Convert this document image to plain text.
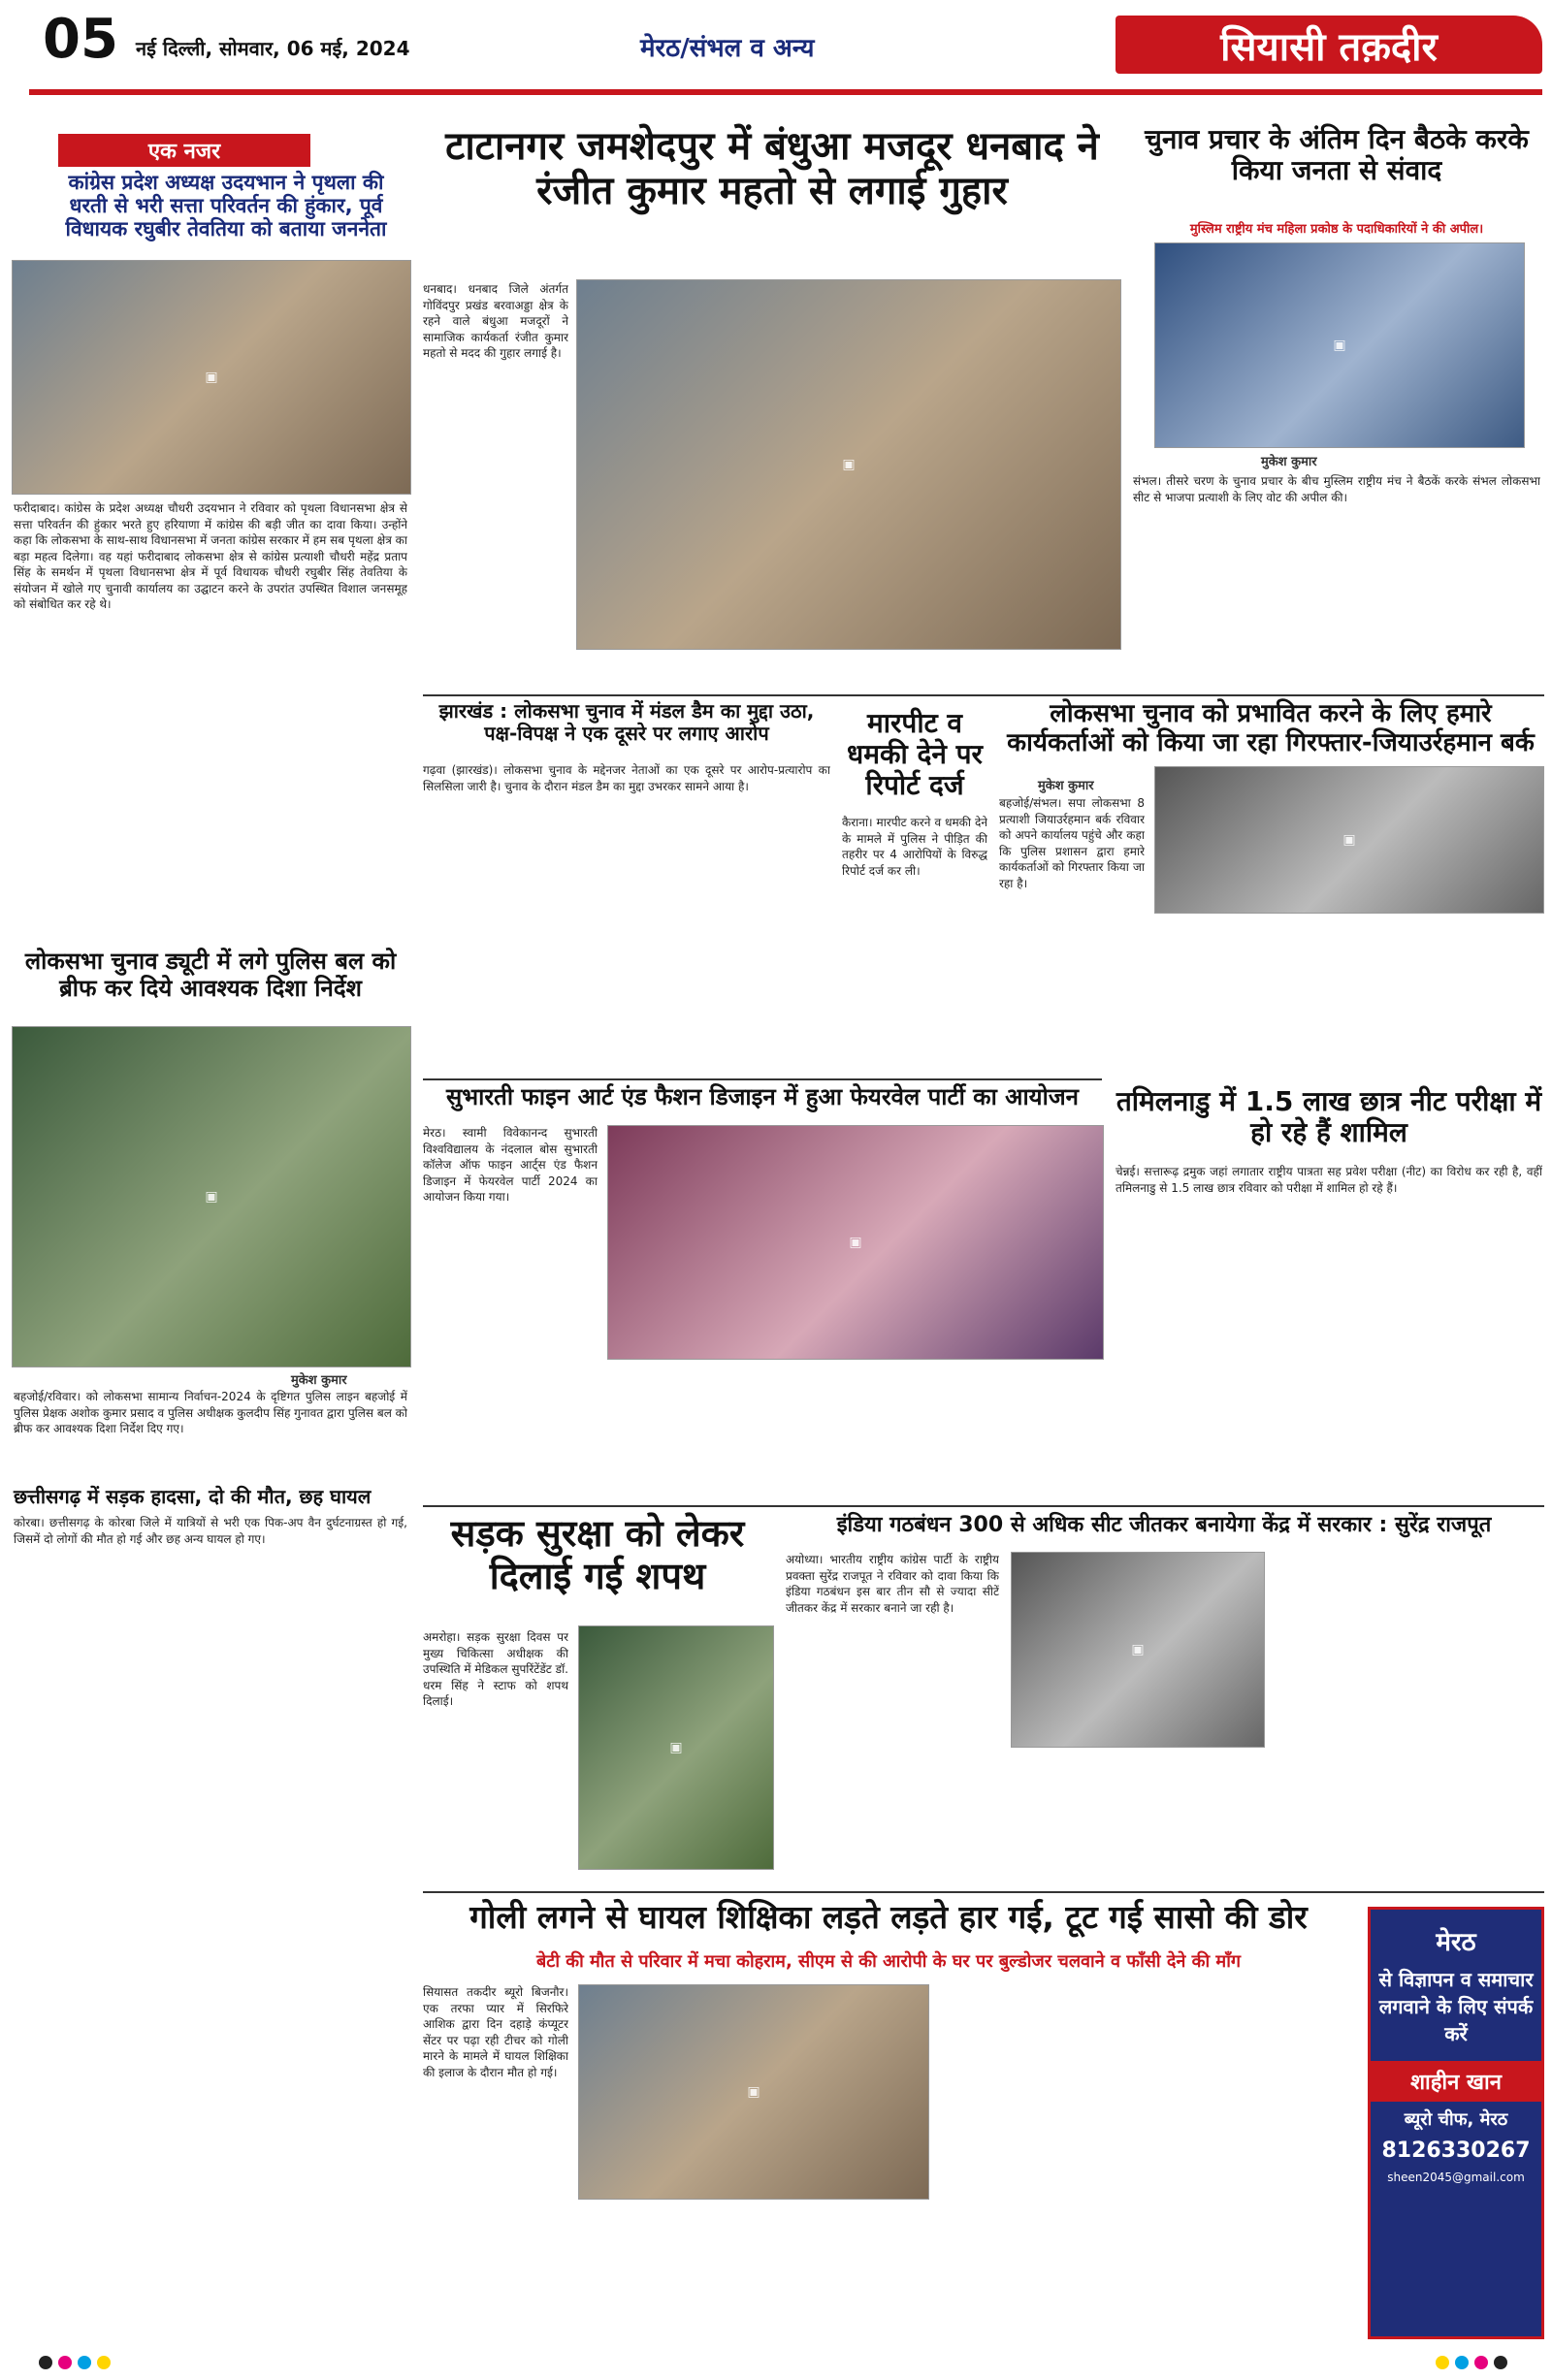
05 नई दिल्ली, सोमवार, 06 मई, 2024	मेरठ/संभल व अन्य	सियासी तक़दीर
एक नजर
कांग्रेस प्रदेश अध्यक्ष उदयभान ने पृथला की धरती से भरी सत्ता परिवर्तन की हुंकार, पूर्व विधायक रघुबीर तेवतिया को बताया जननेता
▣
फरीदाबाद। कांग्रेस के प्रदेश अध्यक्ष चौधरी उदयभान ने रविवार को पृथला विधानसभा क्षेत्र से सत्ता परिवर्तन की हुंकार भरते हुए हरियाणा में कांग्रेस की बड़ी जीत का दावा किया। उन्होंने कहा कि लोकसभा के साथ-साथ विधानसभा में जनता कांग्रेस सरकार में हम सब पृथला क्षेत्र का बड़ा महत्व दिलेगा। वह यहां फरीदाबाद लोकसभा क्षेत्र से कांग्रेस प्रत्याशी चौधरी महेंद्र प्रताप सिंह के समर्थन में पृथला विधानसभा क्षेत्र में पूर्व विधायक चौधरी रघुबीर सिंह तेवतिया के संयोजन में खोले गए चुनावी कार्यालय का उद्घाटन करने के उपरांत उपस्थित विशाल जनसमूह को संबोधित कर रहे थे।
लोकसभा चुनाव ड्यूटी में लगे पुलिस बल को ब्रीफ कर दिये आवश्यक दिशा निर्देश
▣
मुकेश कुमार
बहजोई/रविवार। को लोकसभा सामान्य निर्वाचन-2024 के दृष्टिगत पुलिस लाइन बहजोई में पुलिस प्रेक्षक अशोक कुमार प्रसाद व पुलिस अधीक्षक कुलदीप सिंह गुनावत द्वारा पुलिस बल को ब्रीफ कर आवश्यक दिशा निर्देश दिए गए।
छत्तीसगढ़ में सड़क हादसा, दो की मौत, छह घायल
कोरबा। छत्तीसगढ़ के कोरबा जिले में यात्रियों से भरी एक पिक-अप वैन दुर्घटनाग्रस्त हो गई, जिसमें दो लोगों की मौत हो गई और छह अन्य घायल हो गए।
टाटानगर जमशेदपुर में बंधुआ मजदूर धनबाद ने रंजीत कुमार महतो से लगाई गुहार
धनबाद। धनबाद जिले अंतर्गत गोविंदपुर प्रखंड बरवाअड्डा क्षेत्र के रहने वाले बंधुआ मजदूरों ने सामाजिक कार्यकर्ता रंजीत कुमार महतो से मदद की गुहार लगाई है।
▣
झारखंड : लोकसभा चुनाव में मंडल डैम का मुद्दा उठा, पक्ष-विपक्ष ने एक दूसरे पर लगाए आरोप
गढ़वा (झारखंड)। लोकसभा चुनाव के मद्देनजर नेताओं का एक दूसरे पर आरोप-प्रत्यारोप का सिलसिला जारी है। चुनाव के दौरान मंडल डैम का मुद्दा उभरकर सामने आया है।
मारपीट व धमकी देने पर रिपोर्ट दर्ज
कैराना। मारपीट करने व धमकी देने के मामले में पुलिस ने पीड़ित की तहरीर पर 4 आरोपियों के विरुद्ध रिपोर्ट दर्ज कर ली।
चुनाव प्रचार के अंतिम दिन बैठके करके किया जनता से संवाद
मुस्लिम राष्ट्रीय मंच महिला प्रकोष्ठ के पदाधिकारियों ने की अपील।
▣
मुकेश कुमार
संभल। तीसरे चरण के चुनाव प्रचार के बीच मुस्लिम राष्ट्रीय मंच ने बैठकें करके संभल लोकसभा सीट से भाजपा प्रत्याशी के लिए वोट की अपील की।
लोकसभा चुनाव को प्रभावित करने के लिए हमारे कार्यकर्ताओं को किया जा रहा गिरफ्तार-जियाउर्रहमान बर्क
मुकेश कुमार
बहजोई/संभल। सपा लोकसभा 8 प्रत्याशी जियाउर्रहमान बर्क रविवार को अपने कार्यालय पहुंचे और कहा कि पुलिस प्रशासन द्वारा हमारे कार्यकर्ताओं को गिरफ्तार किया जा रहा है।
▣
सुभारती फाइन आर्ट एंड फैशन डिजाइन में हुआ फेयरवेल पार्टी का आयोजन
मेरठ। स्वामी विवेकानन्द सुभारती विश्वविद्यालय के नंदलाल बोस सुभारती कॉलेज ऑफ फाइन आर्ट्स एंड फैशन डिजाइन में फेयरवेल पार्टी 2024 का आयोजन किया गया।
▣
तमिलनाडु में 1.5 लाख छात्र नीट परीक्षा में हो रहे हैं शामिल
चेन्नई। सत्तारूढ़ द्रमुक जहां लगातार राष्ट्रीय पात्रता सह प्रवेश परीक्षा (नीट) का विरोध कर रही है, वहीं तमिलनाडु से 1.5 लाख छात्र रविवार को परीक्षा में शामिल हो रहे हैं।
सड़क सुरक्षा को लेकर दिलाई गई शपथ
अमरोहा। सड़क सुरक्षा दिवस पर मुख्य चिकित्सा अधीक्षक की उपस्थिति में मेडिकल सुपरिंटेंडेंट डॉ. धरम सिंह ने स्टाफ को शपथ दिलाई।
▣
इंडिया गठबंधन 300 से अधिक सीट जीतकर बनायेगा केंद्र में सरकार : सुरेंद्र राजपूत
अयोध्या। भारतीय राष्ट्रीय कांग्रेस पार्टी के राष्ट्रीय प्रवक्ता सुरेंद्र राजपूत ने रविवार को दावा किया कि इंडिया गठबंधन इस बार तीन सौ से ज्यादा सीटें जीतकर केंद्र में सरकार बनाने जा रही है।
▣
गोली लगने से घायल शिक्षिका लड़ते लड़ते हार गई, टूट गई सासो की डोर
बेटी की मौत से परिवार में मचा कोहराम, सीएम से की आरोपी के घर पर बुल्डोजर चलवाने व फाँसी देने की माँग
सियासत तकदीर ब्यूरो बिजनौर। एक तरफा प्यार में सिरफिरे आशिक द्वारा दिन दहाड़े कंप्यूटर सेंटर पर पढ़ा रही टीचर को गोली मारने के मामले में घायल शिक्षिका की इलाज के दौरान मौत हो गई।
▣
मेरठ
से विज्ञापन व समाचार लगवाने के लिए संपर्क करें
शाहीन खान
ब्यूरो चीफ, मेरठ
8126330267
sheen2045@gmail.com
